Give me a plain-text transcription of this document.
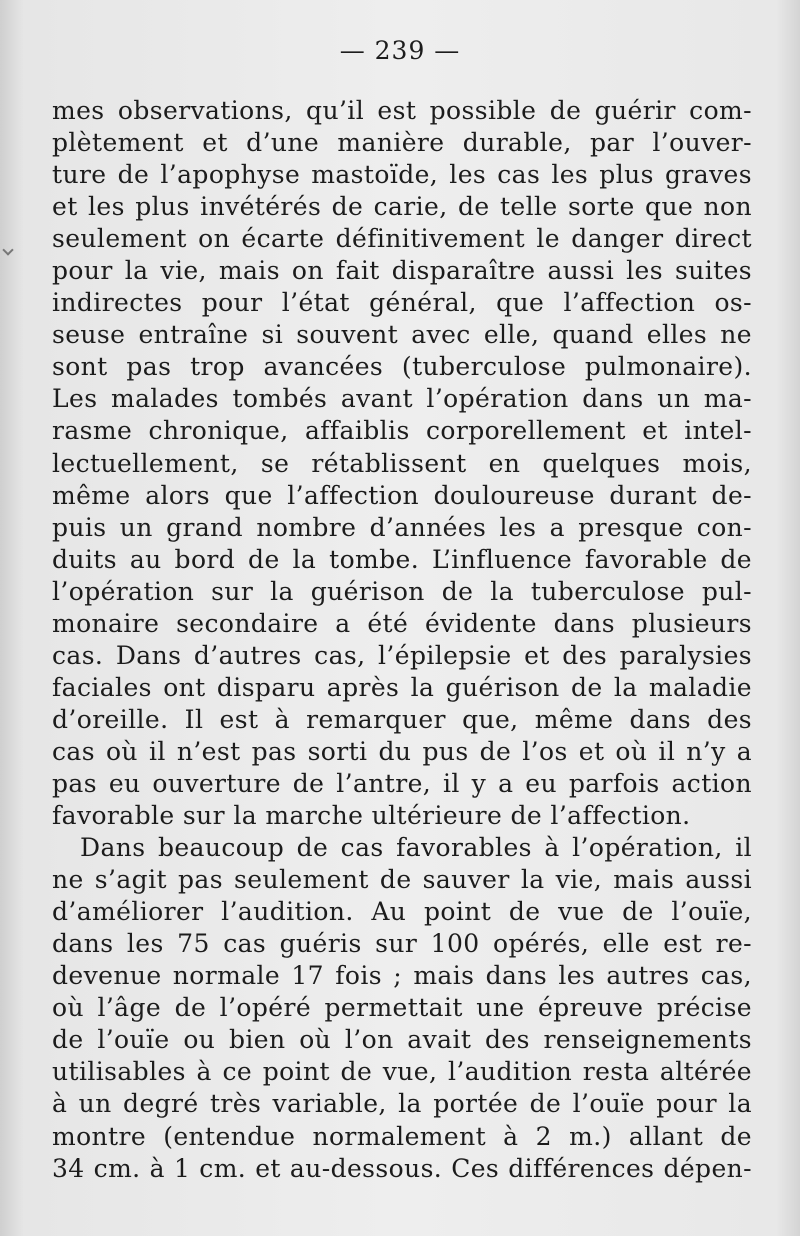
— 239 —
mes observations, qu’il est possible de guérir com-
plètement et d’une manière durable, par l’ouver-
ture de l’apophyse mastoïde, les cas les plus graves
et les plus invétérés de carie, de telle sorte que non
seulement on écarte définitivement le danger direct
pour la vie, mais on fait disparaître aussi les suites
indirectes pour l’état général, que l’affection os-
seuse entraîne si souvent avec elle, quand elles ne
sont pas trop avancées (tuberculose pulmonaire).
Les malades tombés avant l’opération dans un ma-
rasme chronique, affaiblis corporellement et intel-
lectuellement, se rétablissent en quelques mois,
même alors que l’affection douloureuse durant de-
puis un grand nombre d’années les a presque con-
duits au bord de la tombe. L’influence favorable de
l’opération sur la guérison de la tuberculose pul-
monaire secondaire a été évidente dans plusieurs
cas. Dans d’autres cas, l’épilepsie et des paralysies
faciales ont disparu après la guérison de la maladie
d’oreille. Il est à remarquer que, même dans des
cas où il n’est pas sorti du pus de l’os et où il n’y a
pas eu ouverture de l’antre, il y a eu parfois action
favorable sur la marche ultérieure de l’affection.
Dans beaucoup de cas favorables à l’opération, il
ne s’agit pas seulement de sauver la vie, mais aussi
d’améliorer l’audition. Au point de vue de l’ouïe,
dans les 75 cas guéris sur 100 opérés, elle est re-
devenue normale 17 fois ; mais dans les autres cas,
où l’âge de l’opéré permettait une épreuve précise
de l’ouïe ou bien où l’on avait des renseignements
utilisables à ce point de vue, l’audition resta altérée
à un degré très variable, la portée de l’ouïe pour la
montre (entendue normalement à 2 m.) allant de
34 cm. à 1 cm. et au-dessous. Ces différences dépen-
